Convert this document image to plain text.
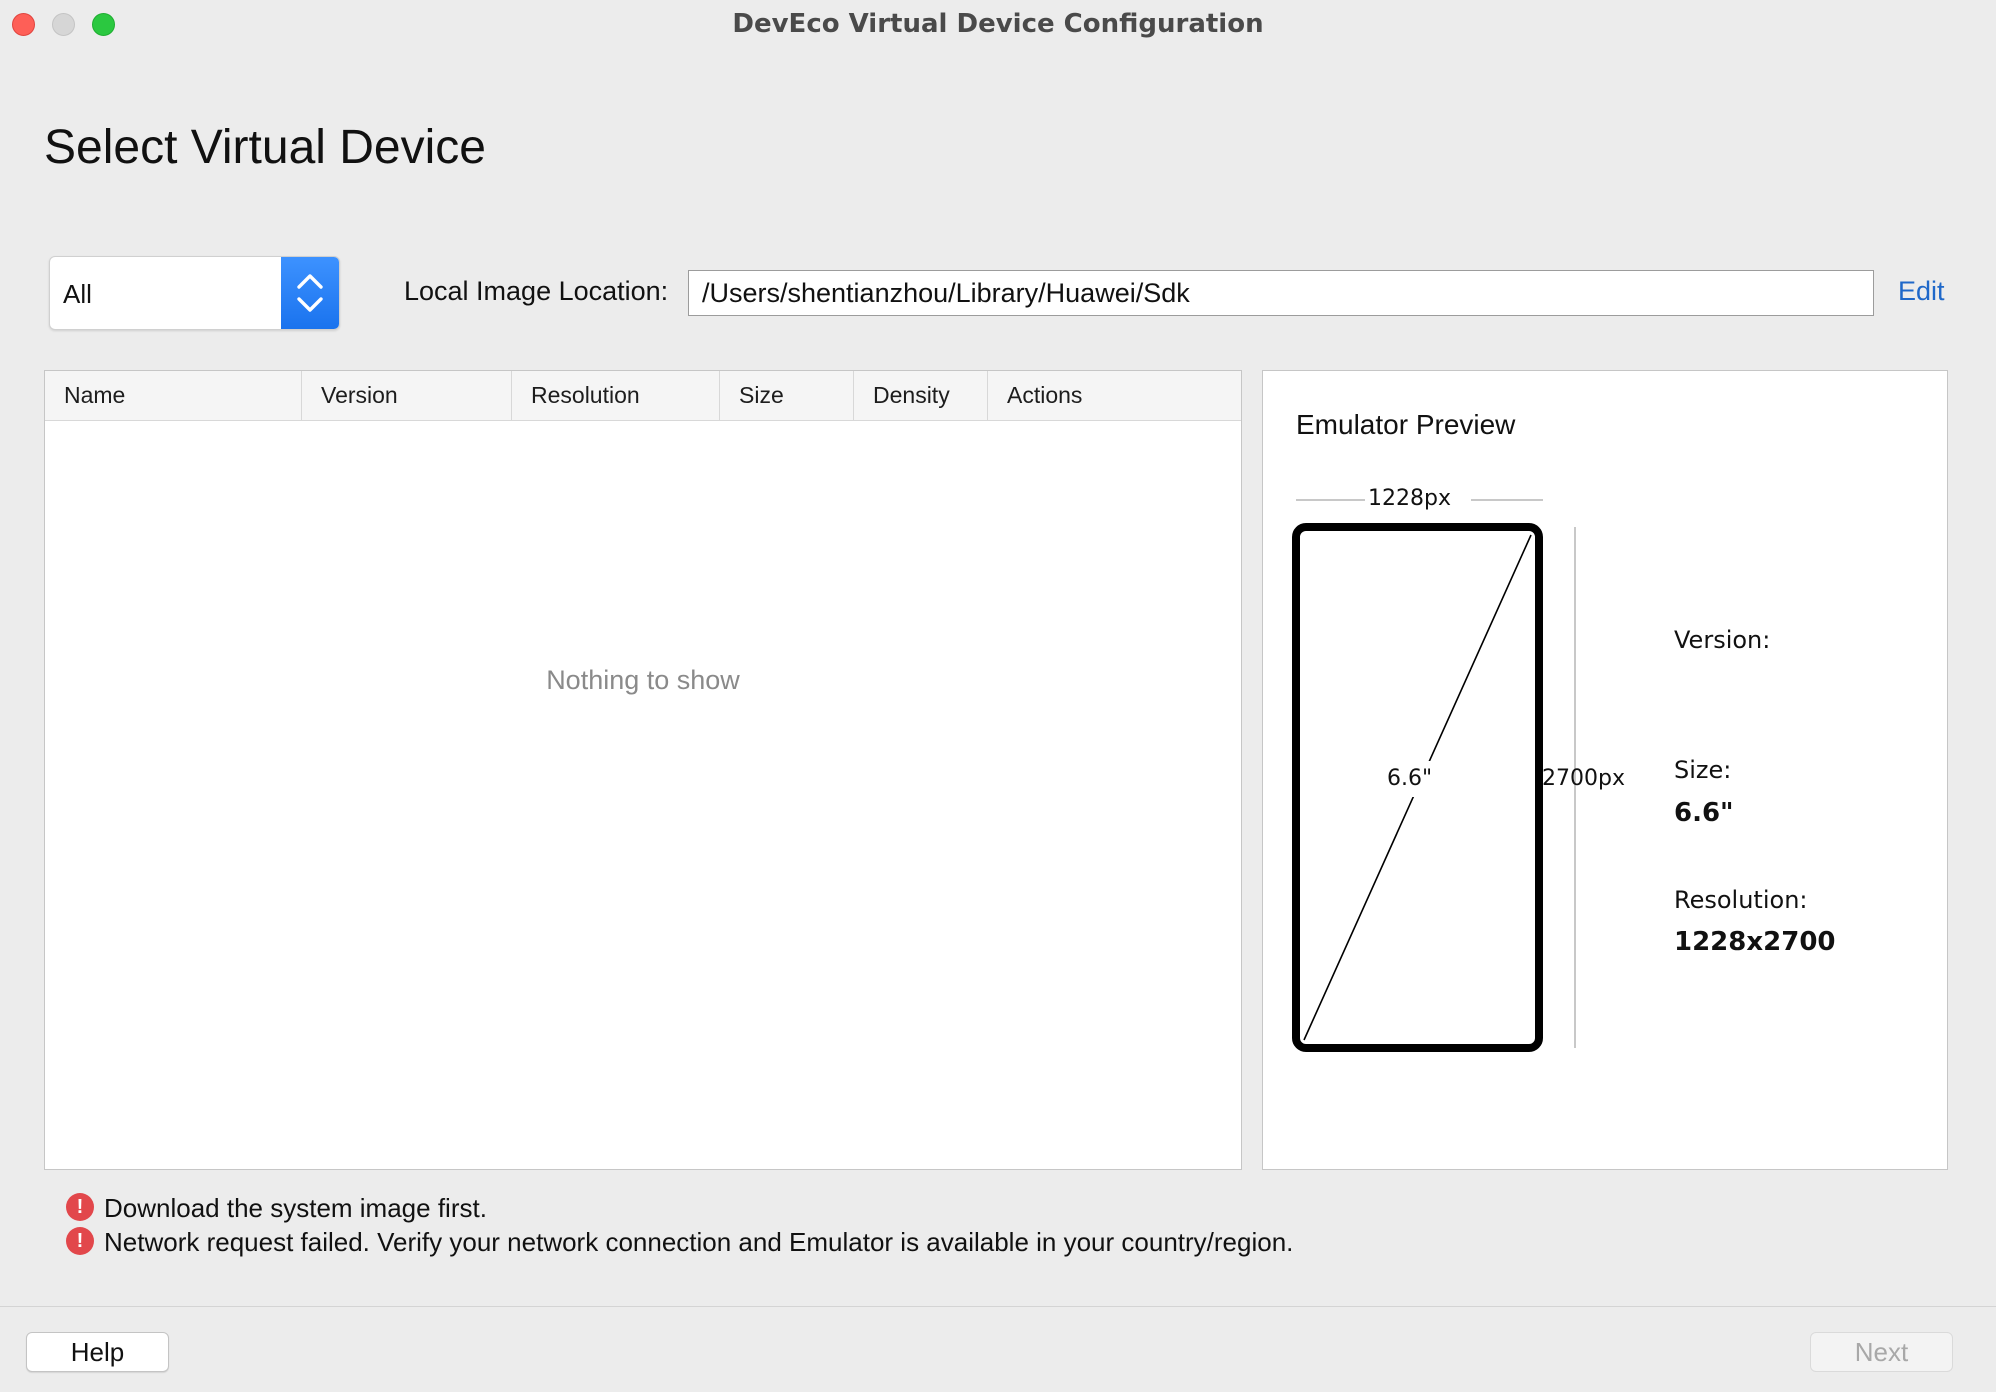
DevEco Virtual Device Configuration
Select Virtual Device
All	Local Image Location:
/Users/shentianzhou/Library/Huawei/Sdk	Edit
Name	Version	Resolution	Size	Density	Actions
Nothing to show
Emulator Preview
1228px
6.6"	2700px
Version:
Size:
6.6"
Resolution:
1228x2700
! Download the system image first.
! Network request failed. Verify your network connection and Emulator is available in your country/region.
Help	Next
